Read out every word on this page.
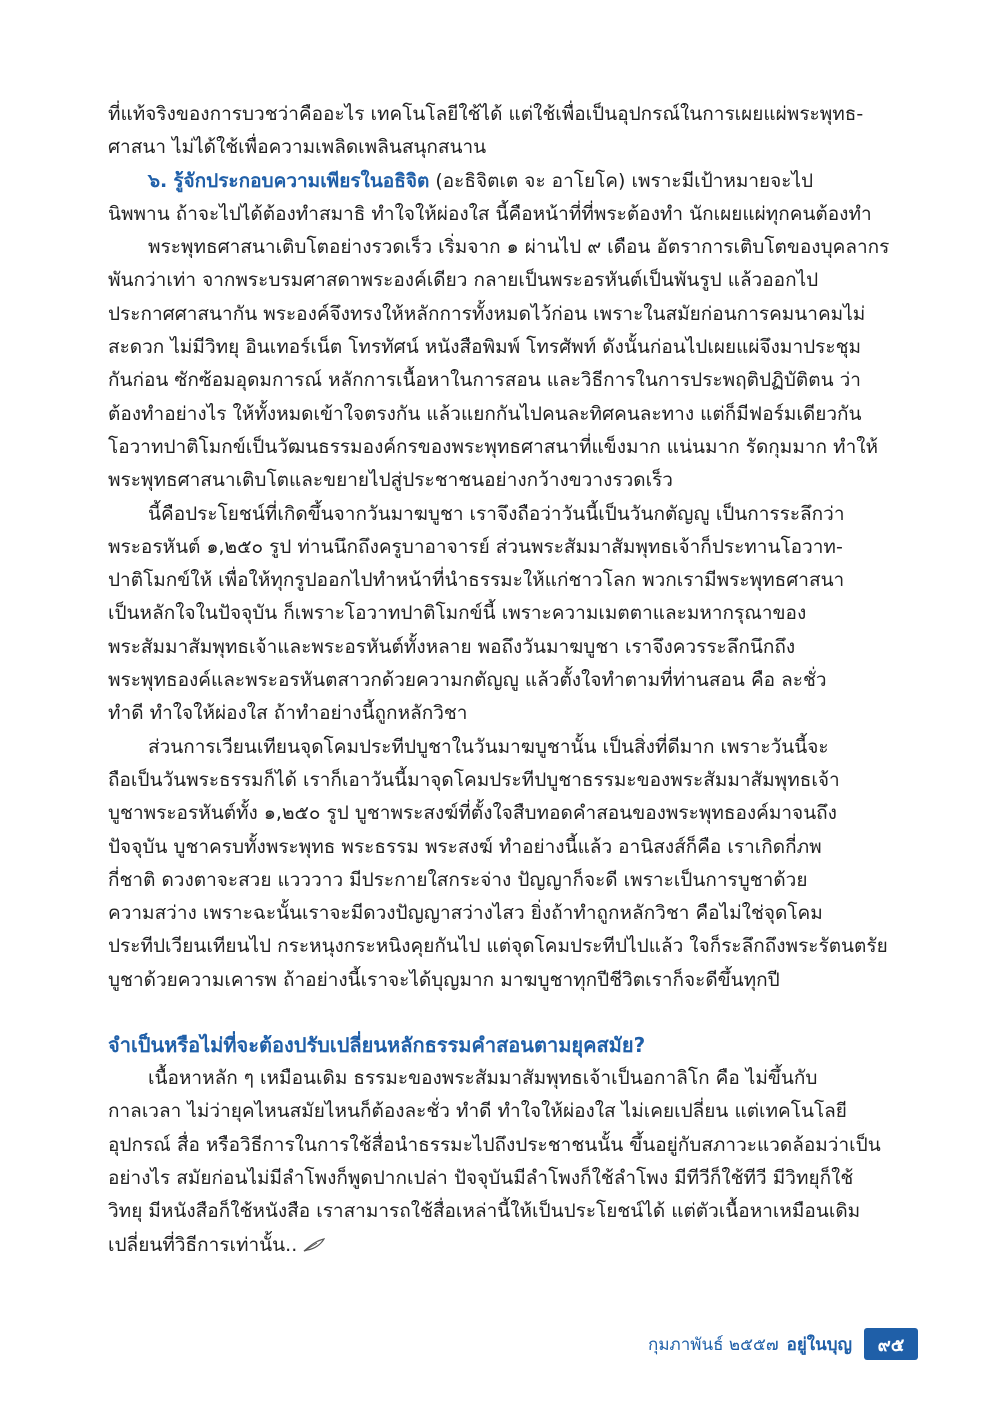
ที่แท้จริงของการบวชว่าคืออะไร เทคโนโลยีใช้ได้ แต่ใช้เพื่อเป็นอุปกรณ์ในการเผยแผ่พระพุทธ-
ศาสนา ไม่ได้ใช้เพื่อความเพลิดเพลินสนุกสนาน
๖. รู้จักประกอบความเพียรในอธิจิต (อะธิจิตเต จะ อาโยโค) เพราะมีเป้าหมายจะไป
นิพพาน ถ้าจะไปได้ต้องทำสมาธิ ทำใจให้ผ่องใส นี้คือหน้าที่ที่พระต้องทำ นักเผยแผ่ทุกคนต้องทำ
พระพุทธศาสนาเติบโตอย่างรวดเร็ว เริ่มจาก ๑ ผ่านไป ๙ เดือน อัตราการเติบโตของบุคลากร
พันกว่าเท่า จากพระบรมศาสดาพระองค์เดียว กลายเป็นพระอรหันต์เป็นพันรูป แล้วออกไป
ประกาศศาสนากัน พระองค์จึงทรงให้หลักการทั้งหมดไว้ก่อน เพราะในสมัยก่อนการคมนาคมไม่
สะดวก ไม่มีวิทยุ อินเทอร์เน็ต โทรทัศน์ หนังสือพิมพ์ โทรศัพท์ ดังนั้นก่อนไปเผยแผ่จึงมาประชุม
กันก่อน ซักซ้อมอุดมการณ์ หลักการเนื้อหาในการสอน และวิธีการในการประพฤติปฏิบัติตน ว่า
ต้องทำอย่างไร ให้ทั้งหมดเข้าใจตรงกัน แล้วแยกกันไปคนละทิศคนละทาง แต่ก็มีฟอร์มเดียวกัน
โอวาทปาติโมกข์เป็นวัฒนธรรมองค์กรของพระพุทธศาสนาที่แข็งมาก แน่นมาก รัดกุมมาก ทำให้
พระพุทธศาสนาเติบโตและขยายไปสู่ประชาชนอย่างกว้างขวางรวดเร็ว
นี้คือประโยชน์ที่เกิดขึ้นจากวันมาฆบูชา เราจึงถือว่าวันนี้เป็นวันกตัญญู เป็นการระลึกว่า
พระอรหันต์ ๑,๒๕๐ รูป ท่านนึกถึงครูบาอาจารย์ ส่วนพระสัมมาสัมพุทธเจ้าก็ประทานโอวาท-
ปาติโมกข์ให้ เพื่อให้ทุกรูปออกไปทำหน้าที่นำธรรมะให้แก่ชาวโลก พวกเรามีพระพุทธศาสนา
เป็นหลักใจในปัจจุบัน ก็เพราะโอวาทปาติโมกข์นี้ เพราะความเมตตาและมหากรุณาของ
พระสัมมาสัมพุทธเจ้าและพระอรหันต์ทั้งหลาย พอถึงวันมาฆบูชา เราจึงควรระลึกนึกถึง
พระพุทธองค์และพระอรหันตสาวกด้วยความกตัญญู แล้วตั้งใจทำตามที่ท่านสอน คือ ละชั่ว
ทำดี ทำใจให้ผ่องใส ถ้าทำอย่างนี้ถูกหลักวิชา
ส่วนการเวียนเทียนจุดโคมประทีปบูชาในวันมาฆบูชานั้น เป็นสิ่งที่ดีมาก เพราะวันนี้จะ
ถือเป็นวันพระธรรมก็ได้ เราก็เอาวันนี้มาจุดโคมประทีปบูชาธรรมะของพระสัมมาสัมพุทธเจ้า
บูชาพระอรหันต์ทั้ง ๑,๒๕๐ รูป บูชาพระสงฆ์ที่ตั้งใจสืบทอดคำสอนของพระพุทธองค์มาจนถึง
ปัจจุบัน บูชาครบทั้งพระพุทธ พระธรรม พระสงฆ์ ทำอย่างนี้แล้ว อานิสงส์ก็คือ เราเกิดกี่ภพ
กี่ชาติ ดวงตาจะสวย แวววาว มีประกายใสกระจ่าง ปัญญาก็จะดี เพราะเป็นการบูชาด้วย
ความสว่าง เพราะฉะนั้นเราจะมีดวงปัญญาสว่างไสว ยิ่งถ้าทำถูกหลักวิชา คือไม่ใช่จุดโคม
ประทีปเวียนเทียนไป กระหนุงกระหนิงคุยกันไป แต่จุดโคมประทีปไปแล้ว ใจก็ระลึกถึงพระรัตนตรัย
บูชาด้วยความเคารพ ถ้าอย่างนี้เราจะได้บุญมาก มาฆบูชาทุกปีชีวิตเราก็จะดีขึ้นทุกปี
จำเป็นหรือไม่ที่จะต้องปรับเปลี่ยนหลักธรรมคำสอนตามยุคสมัย?
เนื้อหาหลัก ๆ เหมือนเดิม ธรรมะของพระสัมมาสัมพุทธเจ้าเป็นอกาลิโก คือ ไม่ขึ้นกับ
กาลเวลา ไม่ว่ายุคไหนสมัยไหนก็ต้องละชั่ว ทำดี ทำใจให้ผ่องใส ไม่เคยเปลี่ยน แต่เทคโนโลยี
อุปกรณ์ สื่อ หรือวิธีการในการใช้สื่อนำธรรมะไปถึงประชาชนนั้น ขึ้นอยู่กับสภาวะแวดล้อมว่าเป็น
อย่างไร สมัยก่อนไม่มีลำโพงก็พูดปากเปล่า ปัจจุบันมีลำโพงก็ใช้ลำโพง มีทีวีก็ใช้ทีวี มีวิทยุก็ใช้
วิทยุ มีหนังสือก็ใช้หนังสือ เราสามารถใช้สื่อเหล่านี้ให้เป็นประโยชน์ได้ แต่ตัวเนื้อหาเหมือนเดิม
เปลี่ยนที่วิธีการเท่านั้น..
กุมภาพันธ์ ๒๕๕๗ อยู่ในบุญ	๙๕
